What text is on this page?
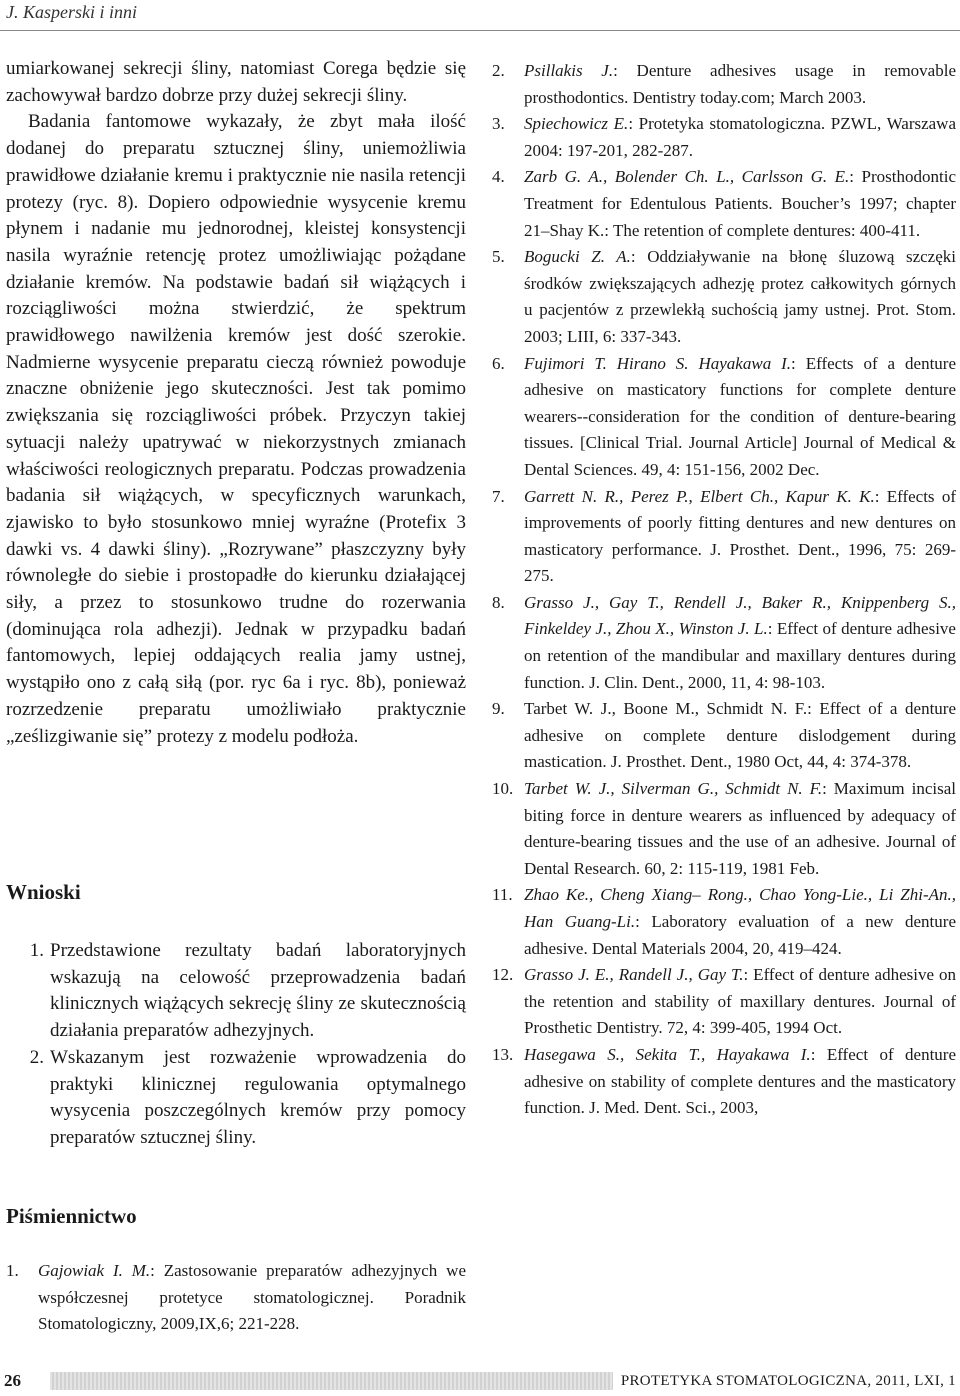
J. Kasperski i inni

umiarkowanej sekrecji śliny, natomiast Corega będzie się zachowywał bardzo dobrze przy dużej sekrecji śliny.

Badania fantomowe wykazały, że zbyt mała ilość dodanej do preparatu sztucznej śliny, uniemożliwia prawidłowe działanie kremu i praktycznie nie nasila retencji protezy (ryc. 8). Dopiero odpowiednie wysycenie kremu płynem i nadanie mu jednorodnej, kleistej konsystencji nasila wyraźnie retencję protez umożliwiając pożądane działanie kremów. Na podstawie badań sił wiążących i rozciągliwości można stwierdzić, że spektrum prawidłowego nawilżenia kremów jest dość szerokie. Nadmierne wysycenie preparatu cieczą również powoduje znaczne obniżenie jego skuteczności. Jest tak pomimo zwiększania się rozciągliwości próbek. Przyczyn takiej sytuacji należy upatrywać w niekorzystnych zmianach właściwości reologicznych preparatu. Podczas prowadzenia badania sił wiążących, w specyficznych warunkach, zjawisko to było stosunkowo mniej wyraźne (Protefix 3 dawki vs. 4 dawki śliny). „Rozrywane” płaszczyzny były równoległe do siebie i prostopadłe do kierunku działającej siły, a przez to stosunkowo trudne do rozerwania (dominująca rola adhezji). Jednak w przypadku badań fantomowych, lepiej oddających realia jamy ustnej, wystąpiło ono z całą siłą (por. ryc 6a i ryc. 8b), ponieważ rozrzedzenie preparatu umożliwiało praktycznie „ześlizgiwanie się” protezy z modelu podłoża.

Wnioski
1. Przedstawione rezultaty badań laboratoryjnych wskazują na celowość przeprowadzenia badań klinicznych wiążących sekrecję śliny ze skutecznością działania preparatów adhezyjnych.
2. Wskazanym jest rozważenie wprowadzenia do praktyki klinicznej regulowania optymalnego wysycenia poszczególnych kremów przy pomocy preparatów sztucznej śliny.
Piśmiennictwo
1.	Gajowiak I. M.: Zastosowanie preparatów adhezyjnych we współczesnej protetyce stomatologicznej. Poradnik Stomatologiczny, 2009,IX,6; 221-228.
2.	Psillakis J.: Denture adhesives usage in removable prosthodontics. Dentistry today.com; March 2003.
3.	Spiechowicz E.: Protetyka stomatologiczna. PZWL, Warszawa 2004: 197-201, 282-287.
4.	Zarb G. A., Bolender Ch. L., Carlsson G. E.: Prosthodontic Treatment for Edentulous Patients. Boucher’s 1997; chapter 21–Shay K.: The retention of complete dentures: 400-411.
5.	Bogucki Z. A.: Oddziaływanie na błonę śluzową szczęki środków zwiększających adhezję protez całkowitych górnych u pacjentów z przewlekłą suchością jamy ustnej. Prot. Stom. 2003; LIII, 6: 337-343.
6.	Fujimori T. Hirano S. Hayakawa I.: Effects of a denture adhesive on masticatory functions for complete denture wearers--consideration for the condition of denture-bearing tissues. [Clinical Trial. Journal Article] Journal of Medical & Dental Sciences. 49, 4: 151-156, 2002 Dec.
7.	Garrett N. R., Perez P., Elbert Ch., Kapur K. K.: Effects of improvements of poorly fitting dentures and new dentures on masticatory performance. J. Prosthet. Dent., 1996, 75: 269-275.
8.	Grasso J., Gay T., Rendell J., Baker R., Knippenberg S., Finkeldey J., Zhou X., Winston J. L.: Effect of denture adhesive on retention of the mandibular and maxillary dentures during function. J. Clin. Dent., 2000, 11, 4: 98-103.
9.	Tarbet W. J., Boone M., Schmidt N. F.: Effect of a denture adhesive on complete denture dislodgement during mastication. J. Prosthet. Dent., 1980 Oct, 44, 4: 374-378.
10. Tarbet W. J., Silverman G., Schmidt N. F.: Maximum incisal biting force in denture wearers as influenced by adequacy of denture-bearing tissues and the use of an adhesive. Journal of Dental Research. 60, 2: 115-119, 1981 Feb.
11. Zhao Ke., Cheng Xiang– Rong., Chao Yong-Lie., Li Zhi-An., Han Guang-Li.: Laboratory evaluation of a new denture adhesive. Dental Materials 2004, 20, 419–424.
12. Grasso J. E., Randell J., Gay T.: Effect of denture adhesive on the retention and stability of maxillary dentures. Journal of Prosthetic Dentistry. 72, 4: 399-405, 1994 Oct.
13. Hasegawa S., Sekita T., Hayakawa I.: Effect of denture adhesive on stability of complete dentures and the masticatory function. J. Med. Dent. Sci., 2003,
26	PROTETYKA STOMATOLOGICZNA, 2011, LXI, 1
